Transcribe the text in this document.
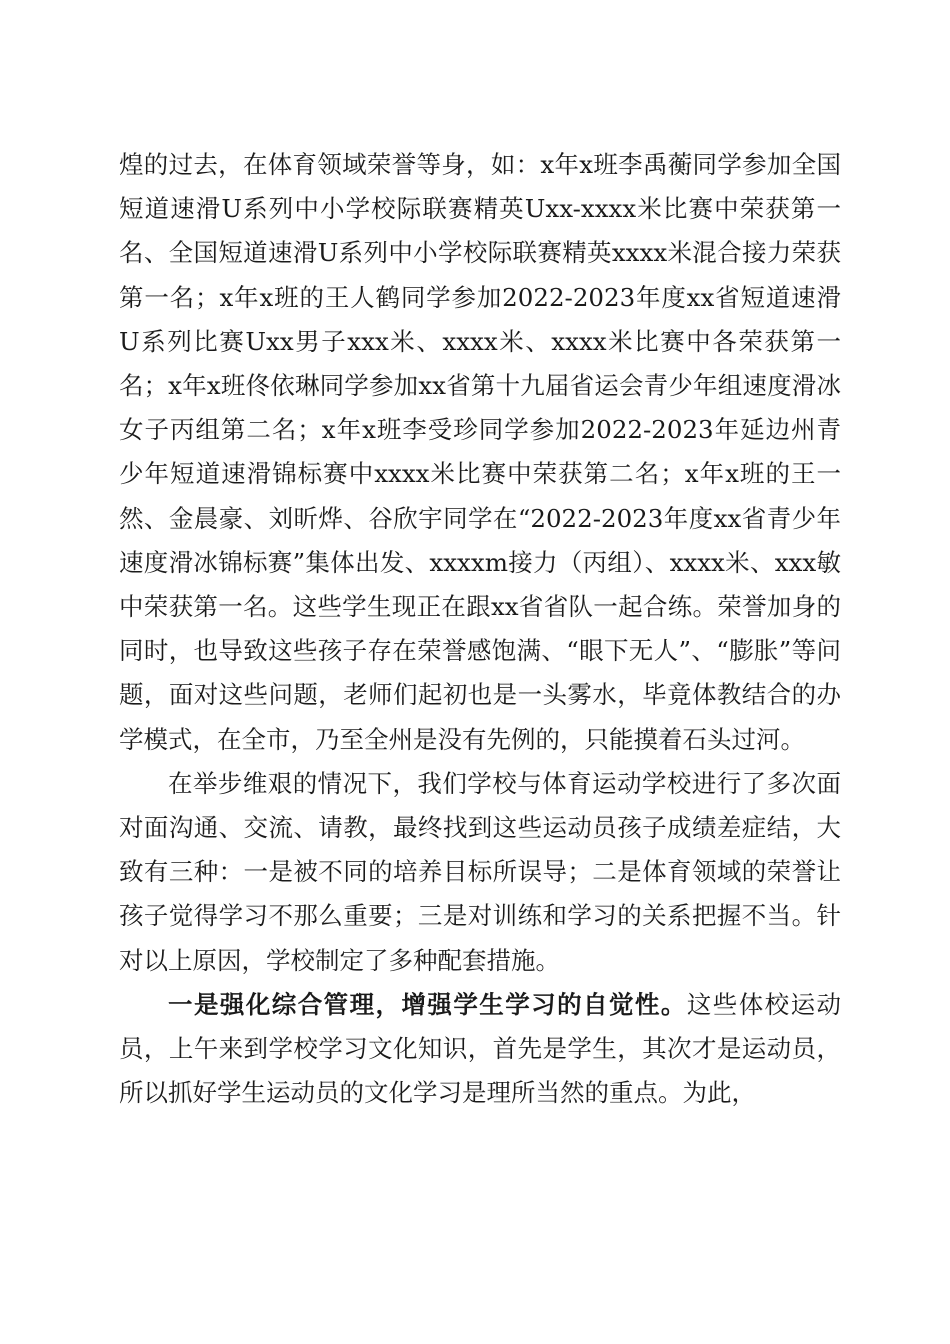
煌的过去，在体育领域荣誉等身，如：x年x班李禹蘅同学参加全国短道速滑U系列中小学校际联赛精英Uxx-xxxx米比赛中荣获第一名、全国短道速滑U系列中小学校际联赛精英xxxx米混合接力荣获第一名；x年x班的王人鹤同学参加2022-2023年度xx省短道速滑U系列比赛Uxx男子xxx米、xxxx米、xxxx米比赛中各荣获第一名；x年x班佟依琳同学参加xx省第十九届省运会青少年组速度滑冰女子丙组第二名；x年x班李受珍同学参加2022-2023年延边州青少年短道速滑锦标赛中xxxx米比赛中荣获第二名；x年x班的王一然、金晨豪、刘昕烨、谷欣宇同学在“2022-2023年度xx省青少年速度滑冰锦标赛”集体出发、xxxxm接力（丙组）、xxxx米、xxx敏中荣获第一名。这些学生现正在跟xx省省队一起合练。荣誉加身的同时，也导致这些孩子存在荣誉感饱满、“眼下无人”、“膨胀”等问题，面对这些问题，老师们起初也是一头雾水，毕竟体教结合的办学模式，在全市，乃至全州是没有先例的，只能摸着石头过河。

在举步维艰的情况下，我们学校与体育运动学校进行了多次面对面沟通、交流、请教，最终找到这些运动员孩子成绩差症结，大致有三种：一是被不同的培养目标所误导；二是体育领域的荣誉让孩子觉得学习不那么重要；三是对训练和学习的关系把握不当。针对以上原因，学校制定了多种配套措施。

一是强化综合管理，增强学生学习的自觉性。这些体校运动员，上午来到学校学习文化知识，首先是学生，其次才是运动员，所以抓好学生运动员的文化学习是理所当然的重点。为此，
